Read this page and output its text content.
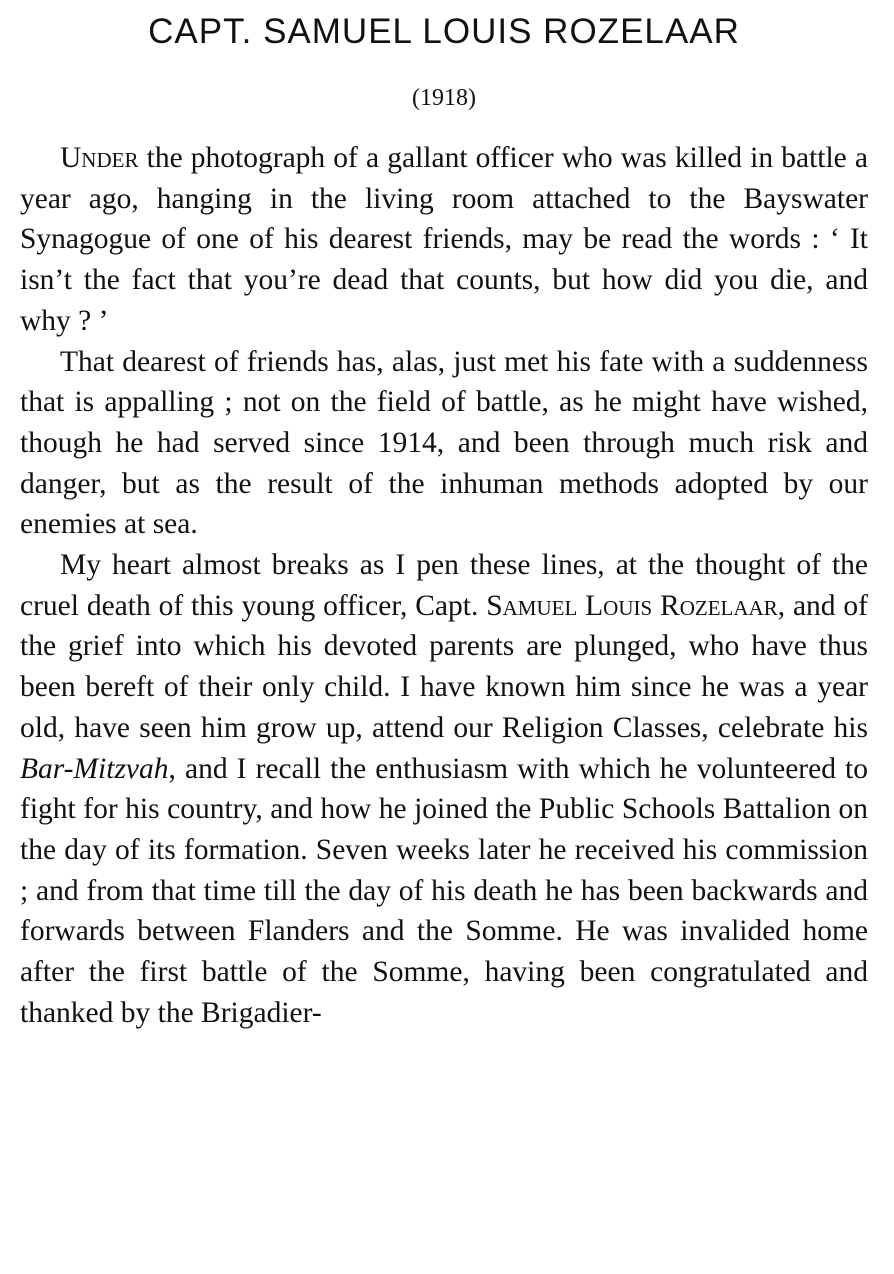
CAPT. SAMUEL LOUIS ROZELAAR
(1918)

Under the photograph of a gallant officer who was killed in battle a year ago, hanging in the living room attached to the Bayswater Synagogue of one of his dearest friends, may be read the words : ‘ It isn’t the fact that you’re dead that counts, but how did you die, and why ? ’

That dearest of friends has, alas, just met his fate with a suddenness that is appalling ; not on the field of battle, as he might have wished, though he had served since 1914, and been through much risk and danger, but as the result of the inhuman methods adopted by our enemies at sea.

My heart almost breaks as I pen these lines, at the thought of the cruel death of this young officer, Capt. Samuel Louis Rozelaar, and of the grief into which his devoted parents are plunged, who have thus been bereft of their only child. I have known him since he was a year old, have seen him grow up, attend our Religion Classes, celebrate his Bar-Mitzvah, and I recall the enthusiasm with which he volunteered to fight for his country, and how he joined the Public Schools Battalion on the day of its formation. Seven weeks later he received his commission ; and from that time till the day of his death he has been backwards and forwards between Flanders and the Somme. He was invalided home after the first battle of the Somme, having been congratulated and thanked by the Brigadier-
